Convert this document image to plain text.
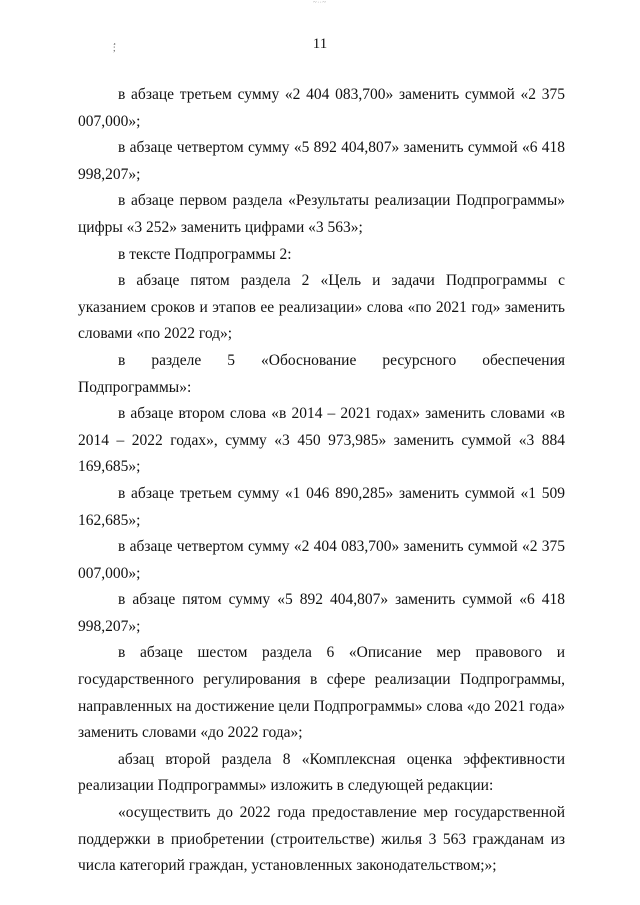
~∙∙~
¸
;	11

в абзаце третьем сумму «2 404 083,700» заменить суммой «2 375 007,000»;

в абзаце четвертом сумму «5 892 404,807» заменить суммой «6 418 998,207»;

в абзаце первом раздела «Результаты реализации Подпрограммы» цифры «3 252» заменить цифрами «3 563»;

в тексте Подпрограммы 2:

в абзаце пятом раздела 2 «Цель и задачи Подпрограммы с указанием сроков и этапов ее реализации» слова «по 2021 год» заменить словами «по 2022 год»;

в разделе 5 «Обоснование ресурсного обеспечения Подпрограммы»:

в абзаце втором слова «в 2014 – 2021 годах» заменить словами «в 2014 – 2022 годах», сумму «3 450 973,985» заменить суммой «3 884 169,685»;

в абзаце третьем сумму «1 046 890,285» заменить суммой «1 509 162,685»;

в абзаце четвертом сумму «2 404 083,700» заменить суммой «2 375 007,000»;

в абзаце пятом сумму «5 892 404,807» заменить суммой «6 418 998,207»;

в абзаце шестом раздела 6 «Описание мер правового и государственного регулирования в сфере реализации Подпрограммы, направленных на достижение цели Подпрограммы» слова «до 2021 года» заменить словами «до 2022 года»;

абзац второй раздела 8 «Комплексная оценка эффективности реализации Подпрограммы» изложить в следующей редакции:

«осуществить до 2022 года предоставление мер государственной поддержки в приобретении (строительстве) жилья 3 563 гражданам из числа категорий граждан, установленных законодательством;»;
